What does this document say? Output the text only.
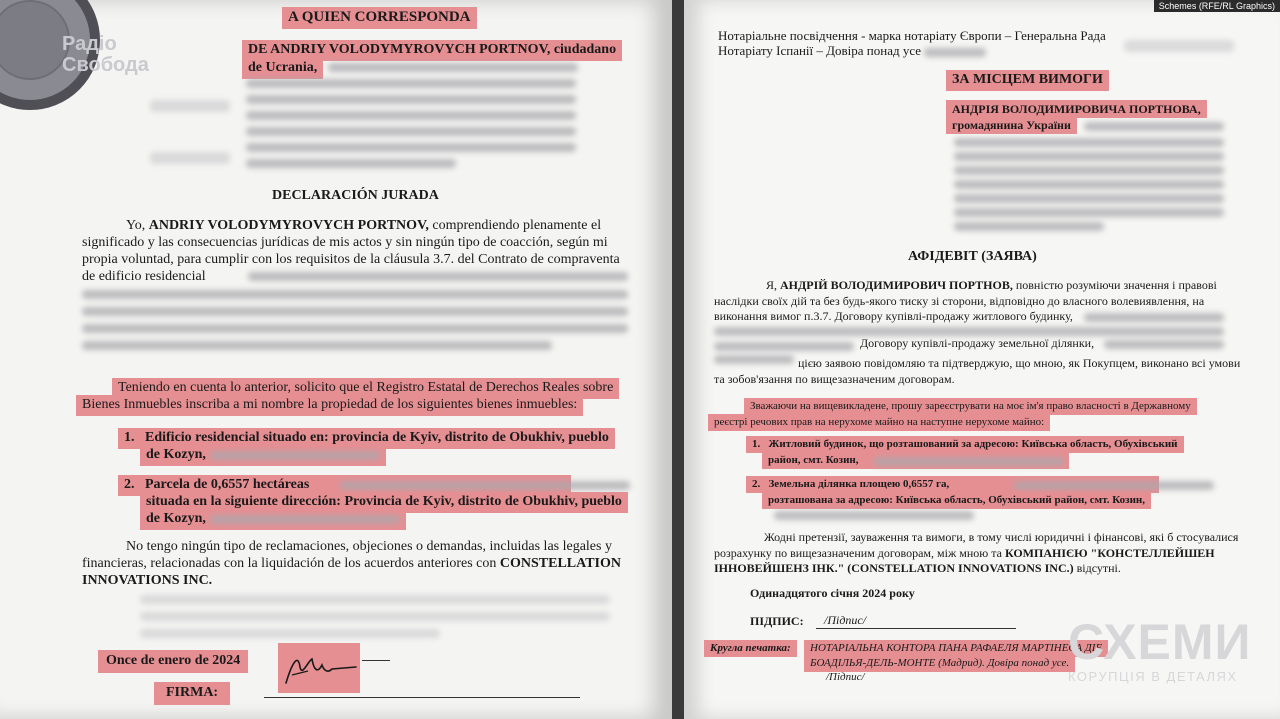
Радіо
Свобода
A QUIEN CORRESPONDA
DE ANDRIY VOLODYMYROVYCH PORTNOV, ciudadano
de Ucrania,
DECLARACIÓN JURADA
Yo, ANDRIY VOLODYMYROVYCH PORTNOV, comprendiendo plenamente el
significado y las consecuencias jurídicas de mis actos y sin ningún tipo de coacción, según mi
propia voluntad, para cumplir con los requisitos de la cláusula 3.7. del Contrato de compraventa
de edificio residencial
Teniendo en cuenta lo anterior, solicito que el Registro Estatal de Derechos Reales sobre
Bienes Inmuebles inscriba a mi nombre la propiedad de los siguientes bienes inmuebles:
1. Edificio residencial situado en: provincia de Kyiv, distrito de Obukhiv, pueblo
de Kozyn,
2. Parcela de 0,6557 hectáreas
situada en la siguiente dirección: Provincia de Kyiv, distrito de Obukhiv, pueblo
de Kozyn,
No tengo ningún tipo de reclamaciones, objeciones o demandas, incluidas las legales y
financieras, relacionadas con la liquidación de los acuerdos anteriores con CONSTELLATION
INNOVATIONS INC.
Once de enero de 2024
FIRMA:
Нотаріальне посвідчення - марка нотаріату Європи – Генеральна Рада
Нотаріату Іспанії – Довіра понад усе
ЗА МІСЦЕМ ВИМОГИ
АНДРІЯ ВОЛОДИМИРОВИЧА ПОРТНОВА,
громадянина України
АФІДЕВІТ (ЗАЯВА)
Я, АНДРІЙ ВОЛОДИМИРОВИЧ ПОРТНОВ, повністю розуміючи значення і правові
наслідки своїх дій та без будь-якого тиску зі сторони, відповідно до власного волевиявлення, на
виконання вимог п.3.7. Договору купівлі-продажу житлового будинку,
Договору купівлі-продажу земельної ділянки,
цією заявою повідомляю та підтверджую, що мною, як Покупцем, виконано всі умови
та зобов'язання по вищезазначеним договорам.
Зважаючи на вищевикладене, прошу зареєструвати на моє ім'я право власності в Державному
реєстрі речових прав на нерухоме майно на наступне нерухоме майно:
1. Житловий будинок, що розташований за адресою: Київська область, Обухівський
район, смт. Козин,
2. Земельна ділянка площею 0,6557 га,
розташована за адресою: Київська область, Обухівський район, смт. Козин,
Жодні претензії, зауваження та вимоги, в тому числі юридичні і фінансові, які б стосувалися
розрахунку по вищезазначеним договорам, між мною та КОМПАНІЄЮ "КОНСТЕЛЛЕЙШЕН
ІННОВЕЙШЕНЗ ІНК." (CONSTELLATION INNOVATIONS INC.) відсутні.
Одинадцятого січня 2024 року
ПІДПИС: /Підпис/
Кругла печатка:	НОТАРІАЛЬНА КОНТОРА ПАНА РАФАЕЛЯ МАРТІНЕСА ДІЕ
БОАДІЛЬЯ-ДЕЛЬ-МОНТЕ (Мадрид). Довіра понад усе.
/Підпис/
Schemes (RFE/RL Graphics)
СХЕМИ
КОРУПЦІЯ В ДЕТАЛЯХ
